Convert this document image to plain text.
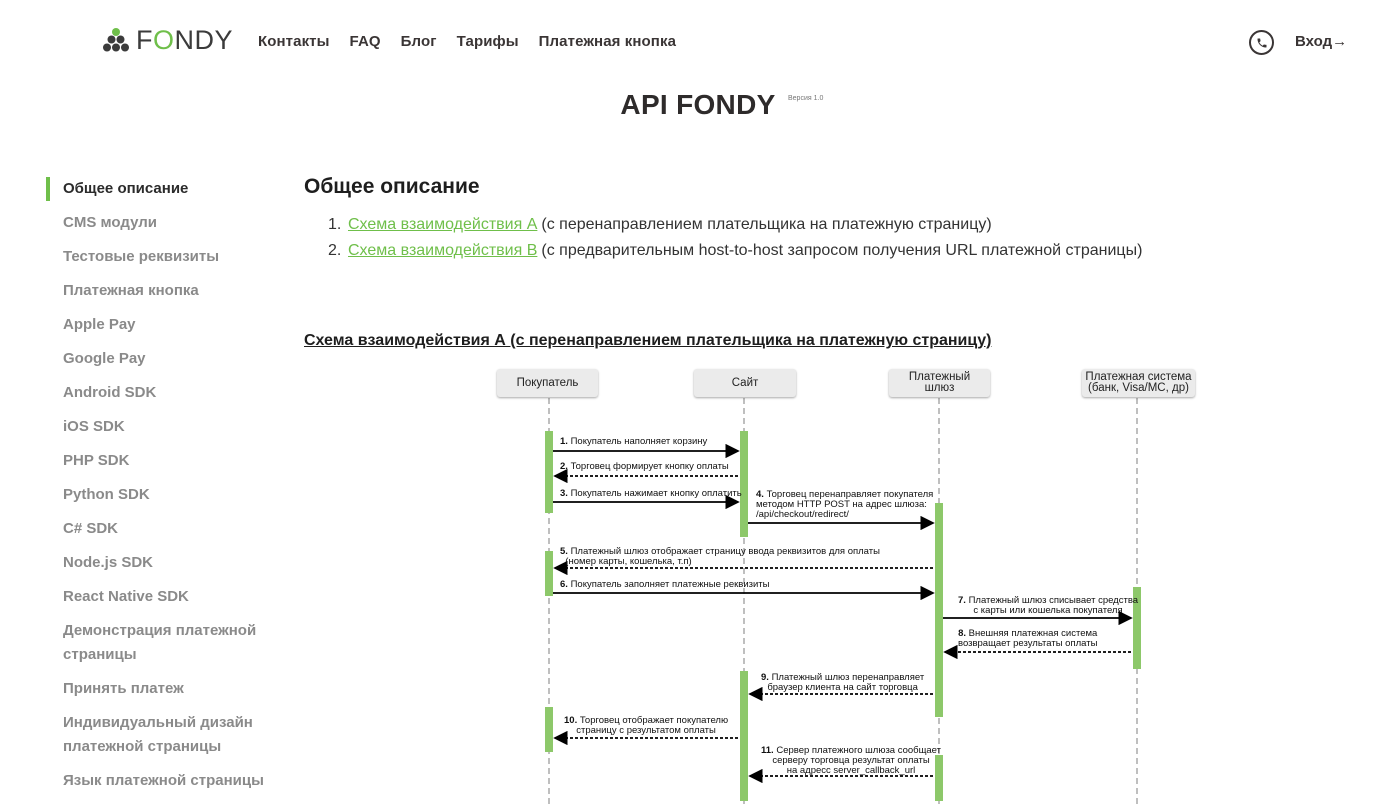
FONDY Контакты FAQ Блог Тарифы Платежная кнопка	Вход→
API FONDY	Версия 1.0
Общее описание
CMS модули
Тестовые реквизиты
Платежная кнопка
Apple Pay
Google Pay
Android SDK
iOS SDK
PHP SDK
Python SDK
C# SDK
Node.js SDK
React Native SDK
Демонстрация платежной страницы
Принять платеж
Индивидуальный дизайн платежной страницы
Язык платежной страницы
Общее описание
1. Схема взаимодействия А (с перенаправлением плательщика на платежную страницу)
2. Схема взаимодействия В (с предварительным host-to-host запросом получения URL платежной страницы)
Схема взаимодействия А (с перенаправлением плательщика на платежную страницу)
Покупатель	Сайт	Платежный шлюз
Платежная система (банк, Visa/MC, др)
1. Покупатель наполняет корзину
2. Торговец формирует кнопку оплаты
3. Покупатель нажимает кнопку оплатить 4. Торговец перенаправляет покупателя
методом HTTP POST на адрес шлюза:
/api/checkout/redirect/
5. Платежный шлюз отображает страницу ввода реквизитов для оплаты
(номер карты, кошелька, т.п)
6. Покупатель заполняет платежные реквизиты
7. Платежный шлюз списывает средства
с карты или кошелька покупателя
8. Внешняя платежная система
возвращает результаты оплаты
9. Платежный шлюз перенаправляет
браузер клиента на сайт торговца
10. Торговец отображает покупателю
страницу с результатом оплаты
11. Сервер платежного шлюза сообщает
серверу торговца результат оплаты
на адресс server_callback_url
